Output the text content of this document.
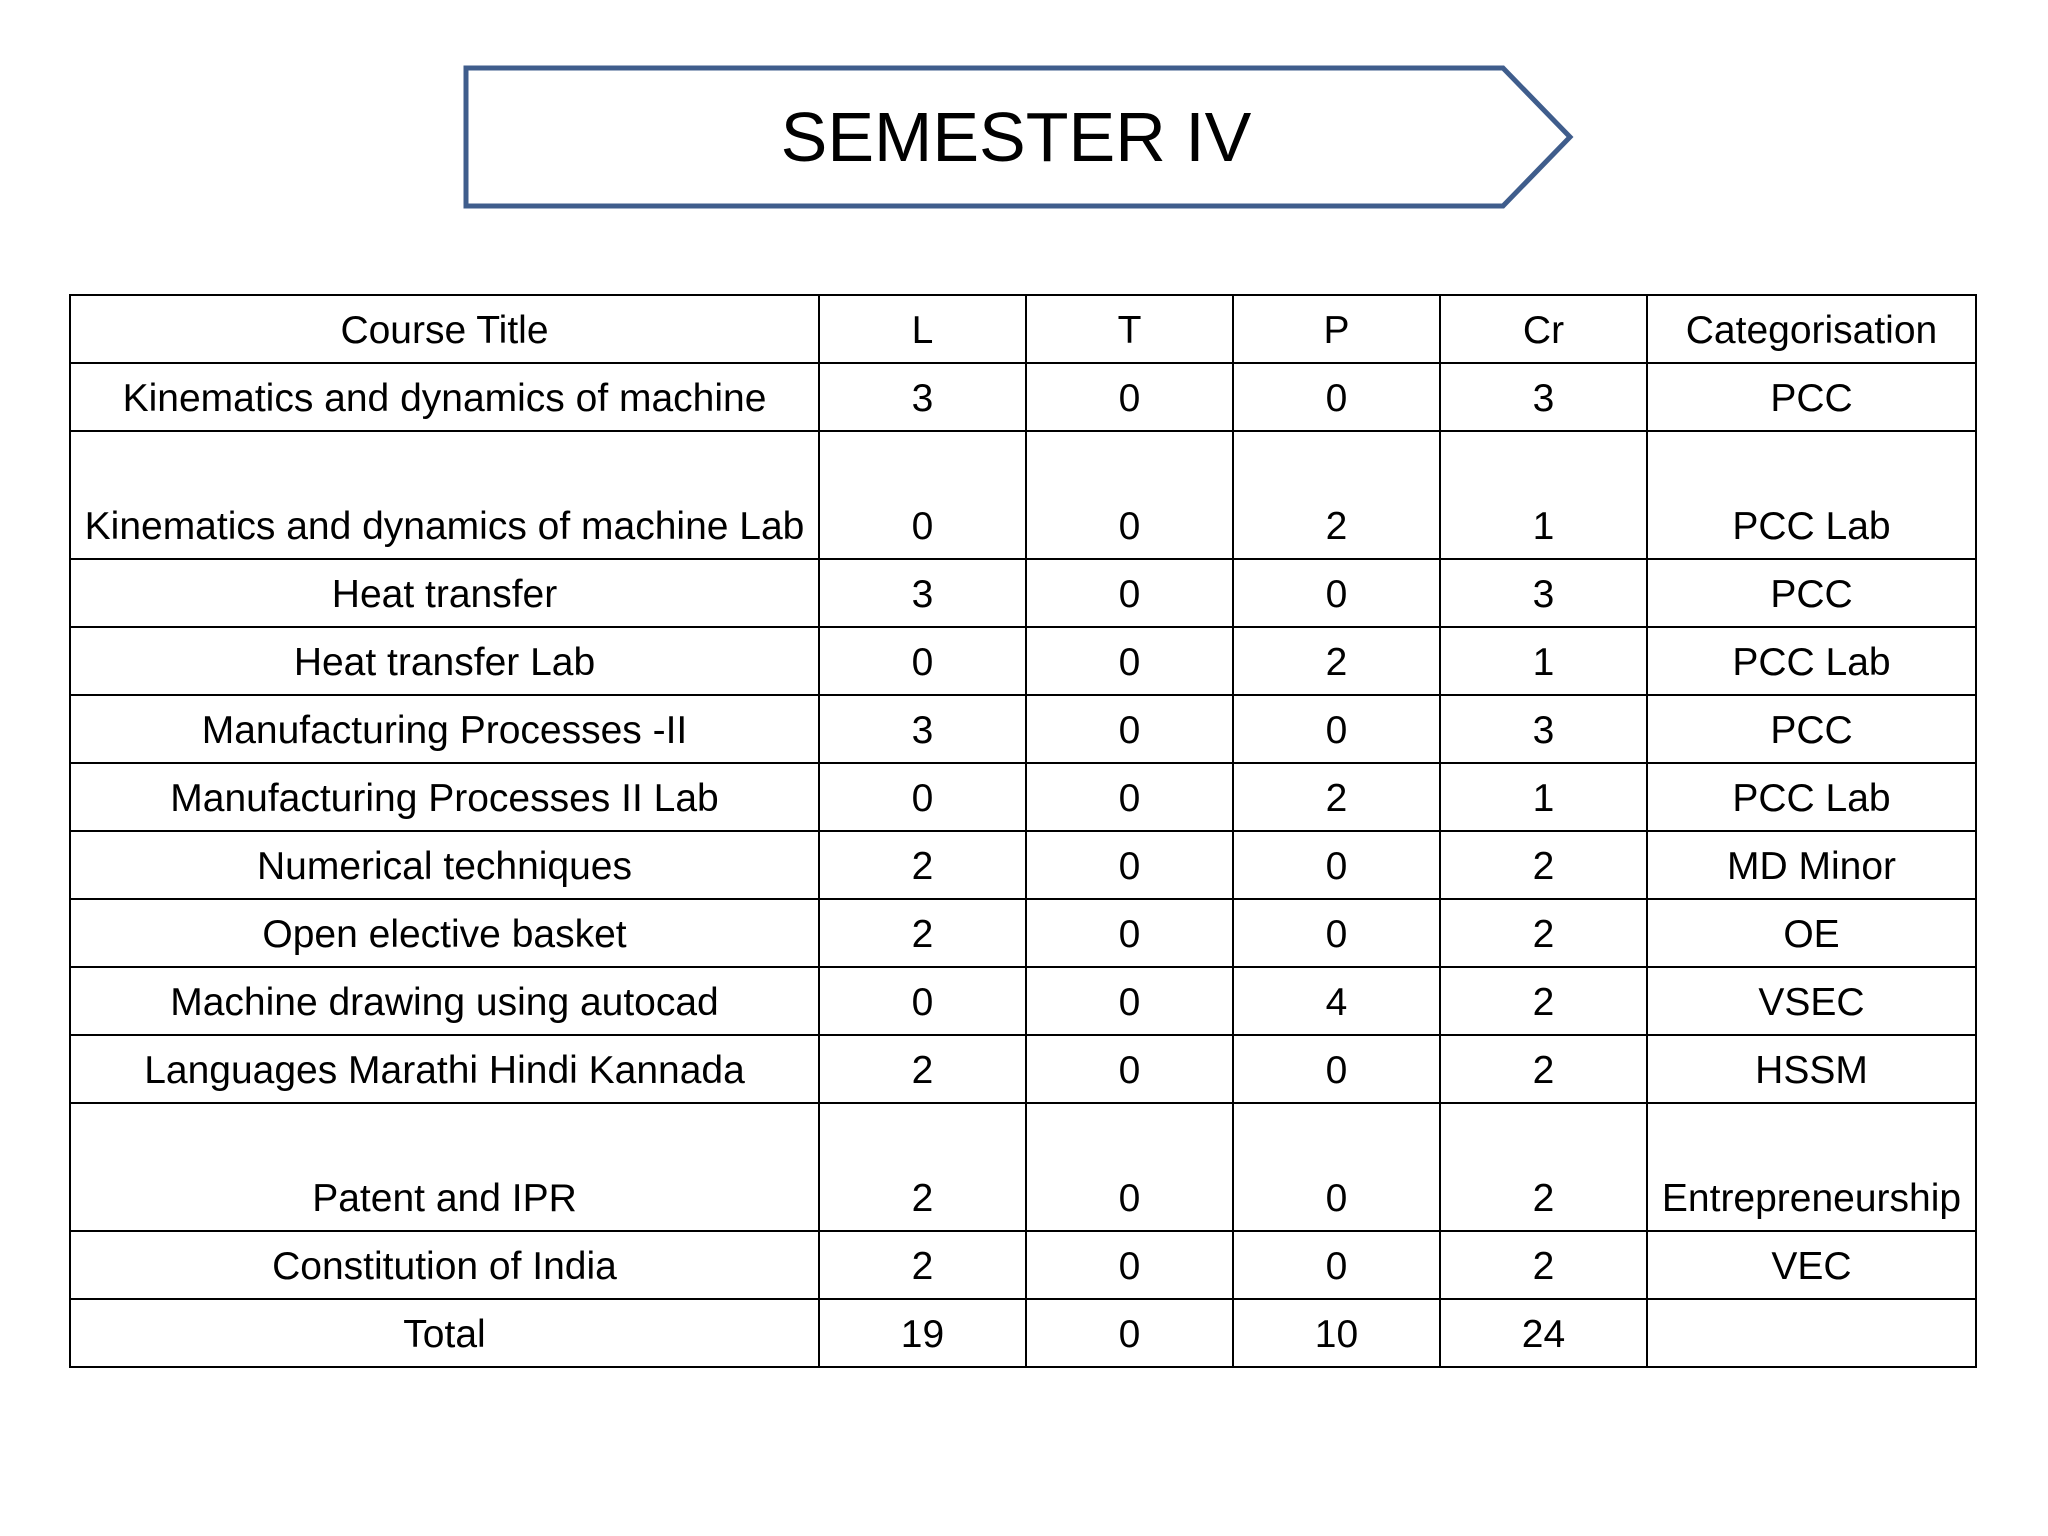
SEMESTER IV
Course Title	L	T	P	Cr	Categorisation
Kinematics and dynamics of machine	3	0	0	3	PCC
Kinematics and dynamics of machine Lab	0	0	2	1	PCC Lab
Heat transfer	3	0	0	3	PCC
Heat transfer Lab	0	0	2	1	PCC Lab
Manufacturing Processes -II	3	0	0	3	PCC
Manufacturing Processes II Lab	0	0	2	1	PCC Lab
Numerical techniques	2	0	0	2	MD Minor
Open elective basket	2	0	0	2	OE
Machine drawing using autocad	0	0	4	2	VSEC
Languages Marathi Hindi Kannada	2	0	0	2	HSSM
Patent and IPR	2	0	0	2	Entrepreneurship
Constitution of India	2	0	0	2	VEC
Total	19	0	10	24	
